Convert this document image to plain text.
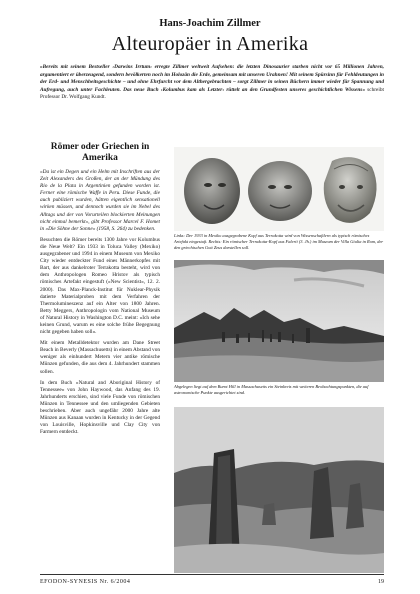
Hans-Joachim Zillmer
Alteuropäer in Amerika
»Bereits mit seinem Bestseller ›Darwins Irrtum‹ erregte Zillmer weltweit Aufsehen: die letzten Dinosaurier starben nicht vor 65 Millionen Jahren, argumentiert er überzeugend, sondern bevölkerten noch im Holozän die Erde, gemeinsam mit unseren Urahnen! Mit seinem Spürsinn für Fehldeutungen in der Erd- und Menschheitsgeschichte – und ohne Ehrfurcht vor dem Althergebrachten – sorgt Zillmer in seinen Büchern immer wieder für Spannung und Aufregung, auch unter Fachleuten. Das neue Buch ›Kolumbus kam als Letzter‹ rüttelt an den Grundfesten unseres geschichtlichen Wissens« schreibt Professor Dr. Wolfgang Kundt.
Römer oder Griechen in Amerika
»Da ist ein Degen und ein Helm mit Inschriften aus der Zeit Alexanders des Großen, der an der Mündung des Rio de la Plata in Argentinien gefunden worden ist. Ferner eine römische Waffe in Peru. Diese Funde, die auch publiziert wurden, hätten eigentlich sensationell wirken müssen, und dennoch wurden sie im Nebel des Alltags und der von Vorurteilen blockierten Meinungen nicht einmal bemerkt«, gibt Professor Marcel F. Homet in »Die Söhne der Sonne« (1958, S. 264) zu bedenken.
Besuchten die Römer bereits 1300 Jahre vor Kolumbus die Neue Welt? Ein 1933 in Toluca Valley (Mexiko) ausgegrabener und 1994 in einem Museum von Mexiko City wieder entdeckter Fund eines Männerkopfes mit Bart, der aus dankelroter Terrakotta besteht, wird von dem Anthropologen Romeo Hristov als typisch römisches Artefakt eingestuft (»New Scientist«, 12. 2. 2000). Das Max-Planck-Institut für Nuklear-Physik datierte Materialproben mit dem Verfahren der Thermolumineszenz auf ein Alter von 1800 Jahren. Betty Meggers, Anthropologin vom National Museum of Natural History in Washington D.C. meint: »Ich sehe keinen Grund, warum es eine solche frühe Begegnung nicht gegeben haben soll«.
Mit einem Metalldetektor wurden am Dane Street Beach in Beverly (Massachusetts) in einem Abstand von weniger als einhundert Metern vier antike römische Münzen gefunden, die aus dem 4. Jahrhundert stammen sollen.
In dem Buch »Natural and Aboriginal History of Tennessee« von John Haywood, das Anfang des 19. Jahrhunderts erschien, sind viele Funde von römischen Münzen in Tennessee und den umliegenden Gebieten beschrieben. Aber auch ungefähr 2000 Jahre alte Münzen aus Kanaan wurden in Kentucky in der Gegend von Louisville, Hopkinsville und Clay City von Farmern entdeckt.
Links: Der 1933 in Mexiko ausgegrabene Kopf aus Terrakotta wird von Wissenschaftlern als typisch römisches Artefakt eingestuft. Rechts: Ein römischer Terrakotta-Kopf aus Falerii (3. Jh.) im Museum der Villa Giulia in Rom, der den griechischen Gott Zeus darstellen soll.
Abgelegen liegt auf dem Burnt Hill in Massachusetts ein Steinkreis mit weiteren Beobachtungspunkten, die auf astronomische Punkte ausgerichtet sind.
EFODON-SYNESIS Nr. 6/2004	19
